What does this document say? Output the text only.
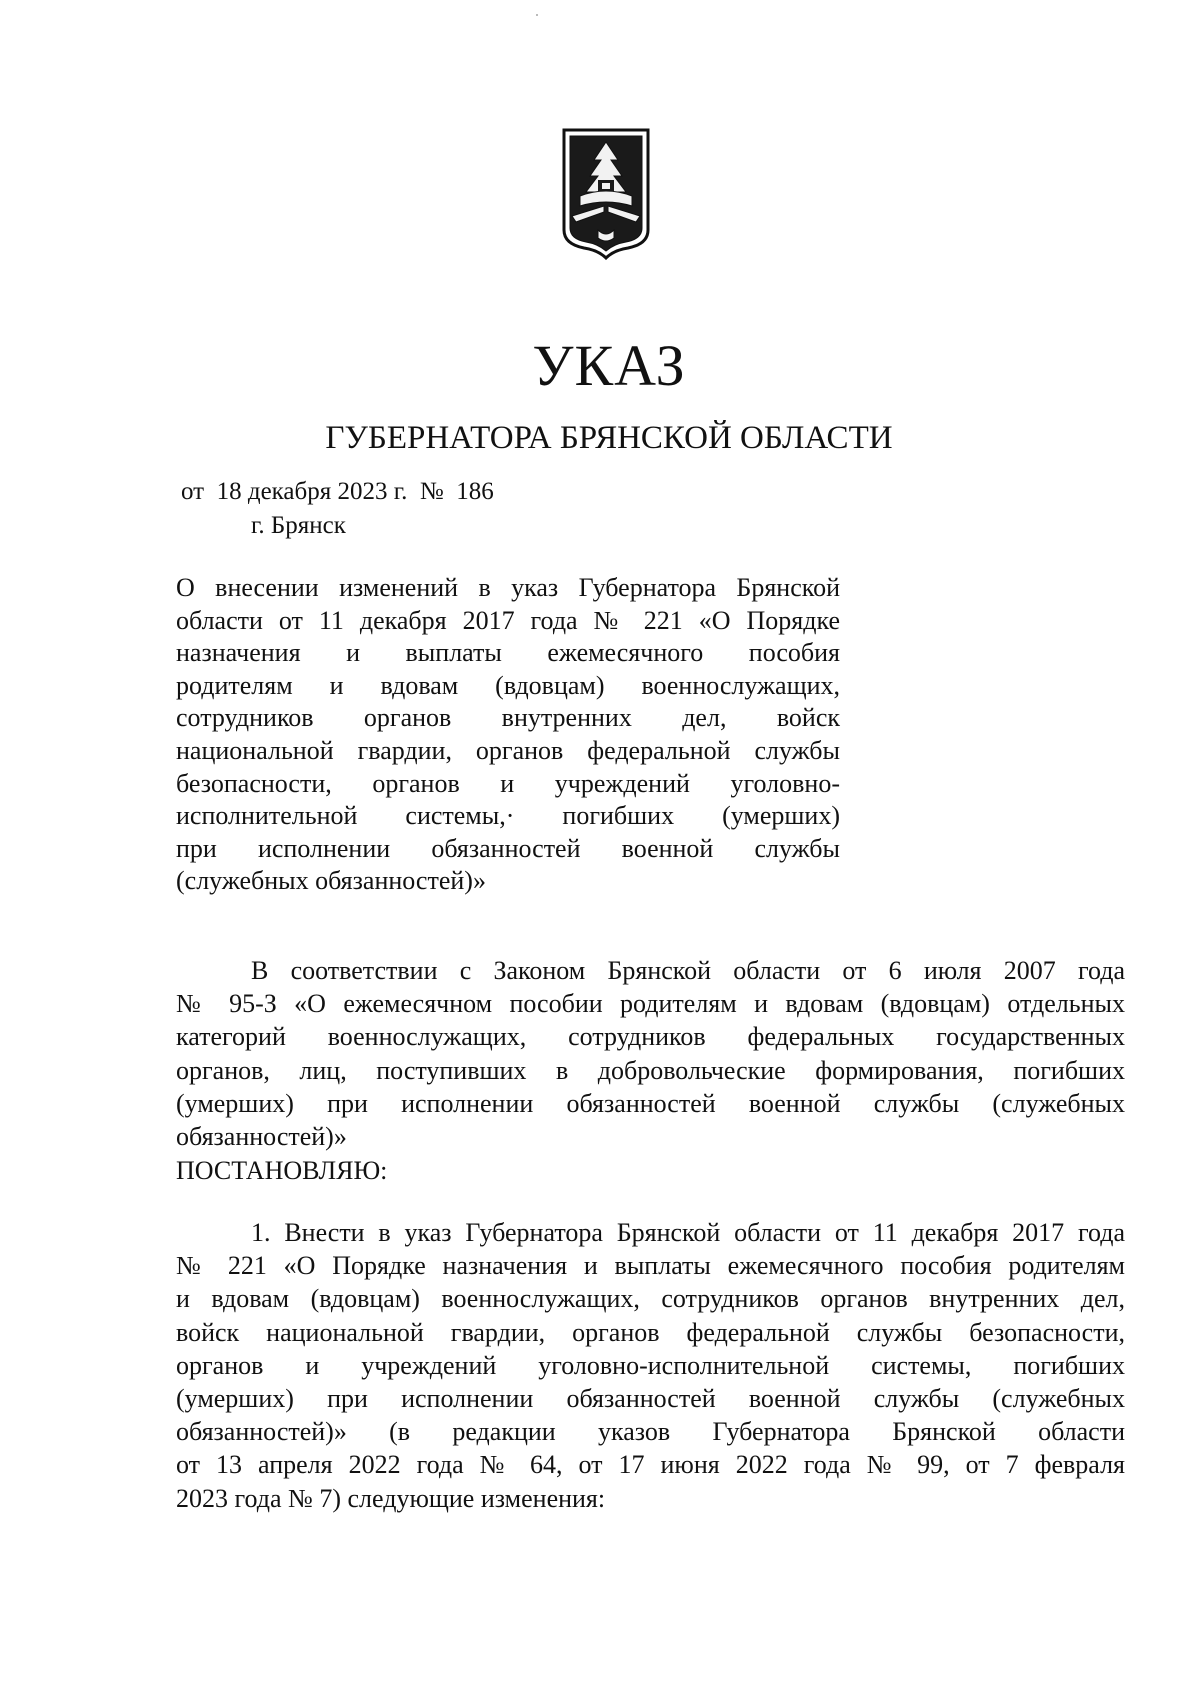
УКАЗ
ГУБЕРНАТОРА БРЯНСКОЙ ОБЛАСТИ
от  18 декабря 2023 г.  №  186
г. Брянск
О внесении изменений в указ Губернатора Брянской
области от 11 декабря 2017 года № 221 «О Порядке
назначения и выплаты ежемесячного пособия
родителям и вдовам (вдовцам) военнослужащих,
сотрудников органов внутренних дел, войск
национальной гвардии, органов федеральной службы
безопасности, органов и учреждений уголовно-
исполнительной системы,· погибших (умерших)
при исполнении обязанностей военной службы
(служебных обязанностей)»
В соответствии с Законом Брянской области от 6 июля 2007 года
№ 95-З «О ежемесячном пособии родителям и вдовам (вдовцам) отдельных
категорий военнослужащих, сотрудников федеральных государственных
органов, лиц, поступивших в добровольческие формирования, погибших
(умерших) при исполнении обязанностей военной службы (служебных
обязанностей)»
ПОСТАНОВЛЯЮ:
1. Внести в указ Губернатора Брянской области от 11 декабря 2017 года
№ 221 «О Порядке назначения и выплаты ежемесячного пособия родителям
и вдовам (вдовцам) военнослужащих, сотрудников органов внутренних дел,
войск национальной гвардии, органов федеральной службы безопасности,
органов и учреждений уголовно-исполнительной системы, погибших
(умерших) при исполнении обязанностей военной службы (служебных
обязанностей)» (в редакции указов Губернатора Брянской области
от 13 апреля 2022 года № 64, от 17 июня 2022 года № 99, от 7 февраля
2023 года № 7) следующие изменения:
